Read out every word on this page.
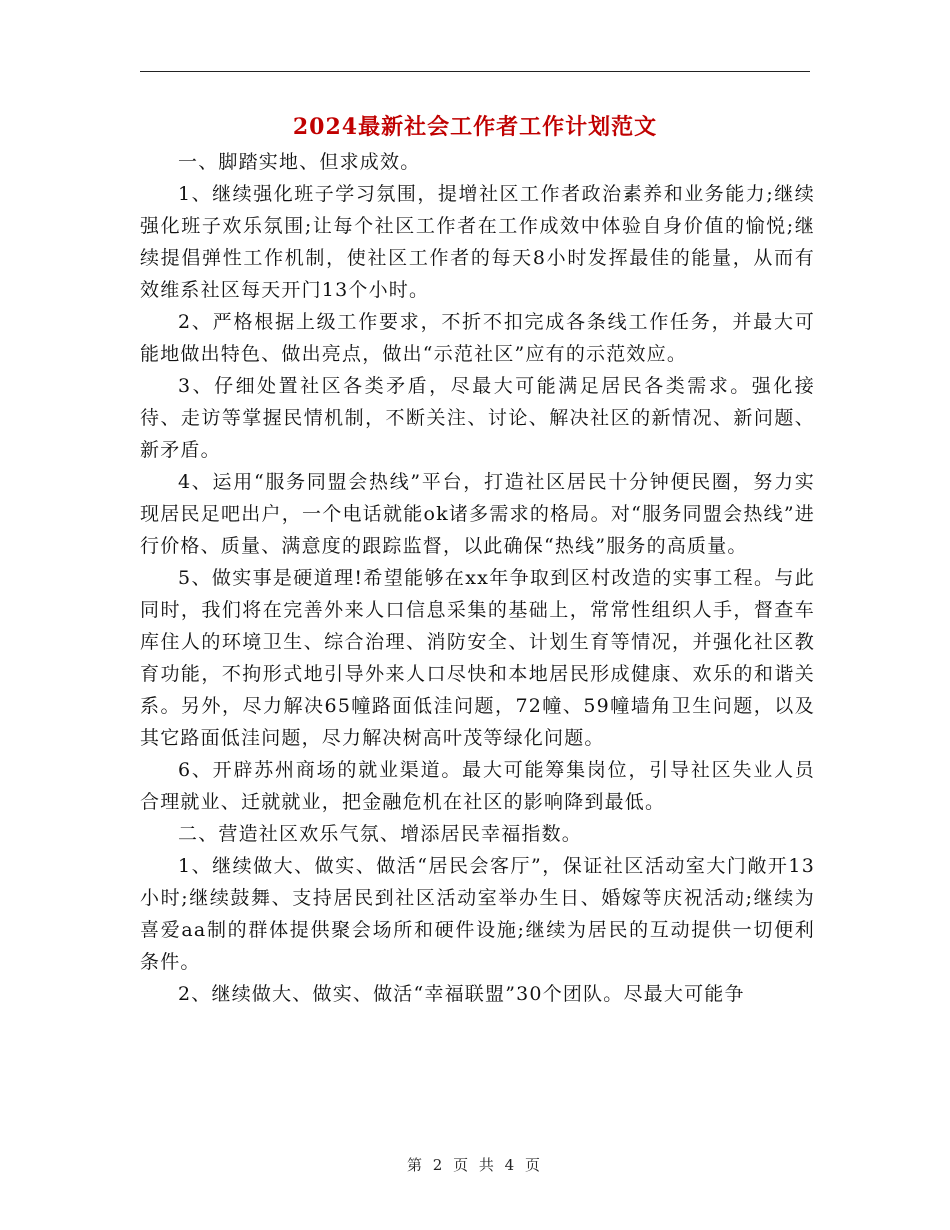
2024最新社会工作者工作计划范文

一、脚踏实地、但求成效。

1、继续强化班子学习氛围，提增社区工作者政治素养和业务能力;继续强化班子欢乐氛围;让每个社区工作者在工作成效中体验自身价值的愉悦;继续提倡弹性工作机制，使社区工作者的每天8小时发挥最佳的能量，从而有效维系社区每天开门13个小时。

2、严格根据上级工作要求，不折不扣完成各条线工作任务，并最大可能地做出特色、做出亮点，做出“示范社区”应有的示范效应。

3、仔细处置社区各类矛盾，尽最大可能满足居民各类需求。强化接待、走访等掌握民情机制，不断关注、讨论、解决社区的新情况、新问题、新矛盾。

4、运用“服务同盟会热线”平台，打造社区居民十分钟便民圈，努力实现居民足吧出户，一个电话就能ok诸多需求的格局。对“服务同盟会热线”进行价格、质量、满意度的跟踪监督，以此确保“热线”服务的高质量。

5、做实事是硬道理!希望能够在xx年争取到区村改造的实事工程。与此同时，我们将在完善外来人口信息采集的基础上，常常性组织人手，督查车库住人的环境卫生、综合治理、消防安全、计划生育等情况，并强化社区教育功能，不拘形式地引导外来人口尽快和本地居民形成健康、欢乐的和谐关系。另外，尽力解决65幢路面低洼问题，72幢、59幢墙角卫生问题，以及其它路面低洼问题，尽力解决树高叶茂等绿化问题。

6、开辟苏州商场的就业渠道。最大可能筹集岗位，引导社区失业人员合理就业、迁就就业，把金融危机在社区的影响降到最低。

二、营造社区欢乐气氛、增添居民幸福指数。

1、继续做大、做实、做活“居民会客厅”，保证社区活动室大门敞开13小时;继续鼓舞、支持居民到社区活动室举办生日、婚嫁等庆祝活动;继续为喜爱aa制的群体提供聚会场所和硬件设施;继续为居民的互动提供一切便利条件。

2、继续做大、做实、做活“幸福联盟”30个团队。尽最大可能争

第 2 页 共 4 页
